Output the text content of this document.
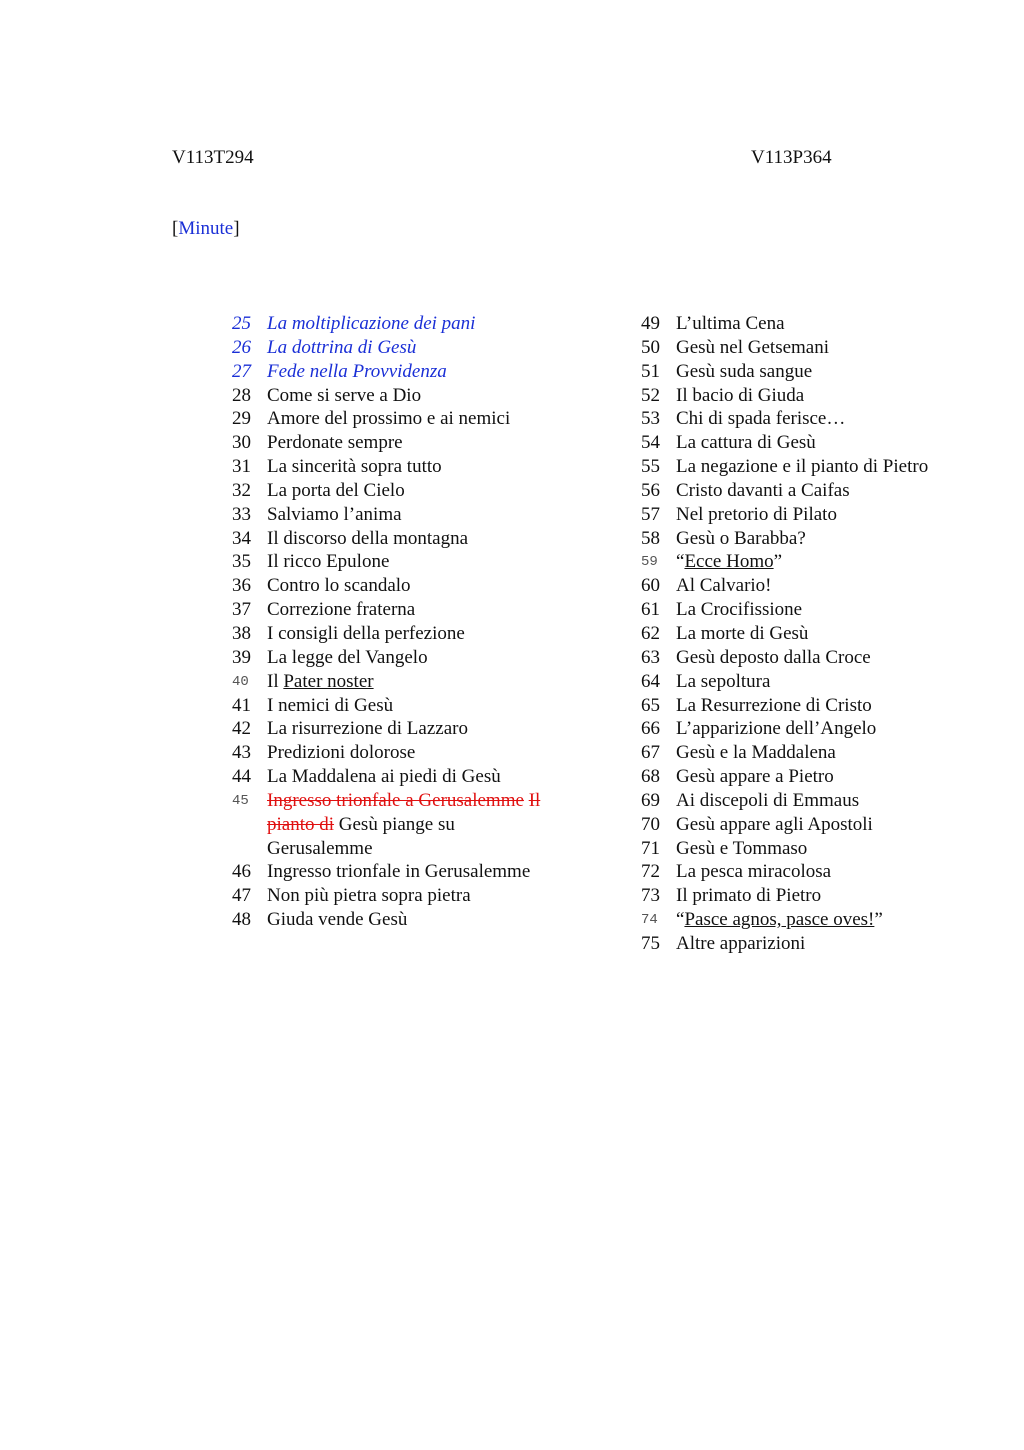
V113T294	V113P364
[Minute]
25 La moltiplicazione dei pani
26 La dottrina di Gesù
27 Fede nella Provvidenza
28 Come si serve a Dio
29 Amore del prossimo e ai nemici
30 Perdonate sempre
31 La sincerità sopra tutto
32 La porta del Cielo
33 Salviamo l’anima
34 Il discorso della montagna
35 Il ricco Epulone
36 Contro lo scandalo
37 Correzione fraterna
38 I consigli della perfezione
39 La legge del Vangelo
40 Il Pater noster
41 I nemici di Gesù
42 La risurrezione di Lazzaro
43 Predizioni dolorose
44 La Maddalena ai piedi di Gesù
45 Ingresso trionfale a Gerusalemme Il pianto di Gesù piange su Gerusalemme
46 Ingresso trionfale in Gerusalemme
47 Non più pietra sopra pietra
48 Giuda vende Gesù
49 L’ultima Cena
50 Gesù nel Getsemani
51 Gesù suda sangue
52 Il bacio di Giuda
53 Chi di spada ferisce…
54 La cattura di Gesù
55 La negazione e il pianto di Pietro
56 Cristo davanti a Caifas
57 Nel pretorio di Pilato
58 Gesù o Barabba?
59 “Ecce Homo”
60 Al Calvario!
61 La Crocifissione
62 La morte di Gesù
63 Gesù deposto dalla Croce
64 La sepoltura
65 La Resurrezione di Cristo
66 L’apparizione dell’Angelo
67 Gesù e la Maddalena
68 Gesù appare a Pietro
69 Ai discepoli di Emmaus
70 Gesù appare agli Apostoli
71 Gesù e Tommaso
72 La pesca miracolosa
73 Il primato di Pietro
74 “Pasce agnos, pasce oves!”
75 Altre apparizioni
